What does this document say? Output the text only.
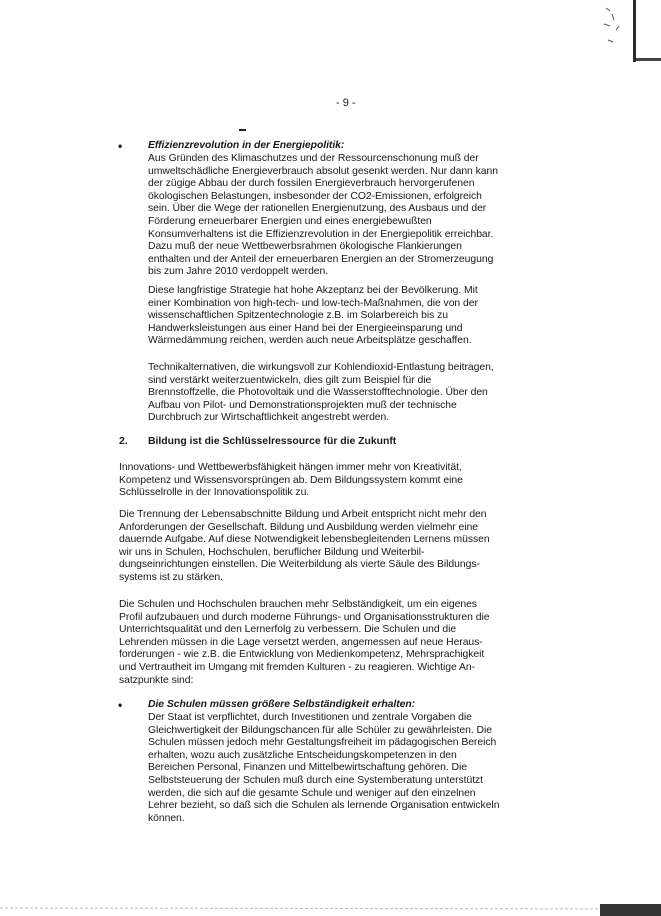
- 9 -
• Effizienzrevolution in der Energiepolitik:
Aus Gründen des Klimaschutzes und der Ressourcenschonung muß der
umweltschädliche Energieverbrauch absolut gesenkt werden. Nur dann kann
der zügige Abbau der durch fossilen Energieverbrauch hervorgerufenen
ökologischen Belastungen, insbesonder der CO2-Emissionen, erfolgreich
sein. Über die Wege der rationellen Energienutzung, des Ausbaus und der
Förderung erneuerbarer Energien und eines energiebewußten
Konsumverhaltens ist die Effizienzrevolution in der Energiepolitik erreichbar.
Dazu muß der neue Wettbewerbsrahmen ökologische Flankierungen
enthalten und der Anteil der erneuerbaren Energien an der Stromerzeugung
bis zum Jahre 2010 verdoppelt werden.
Diese langfristige Strategie hat hohe Akzeptanz bei der Bevölkerung. Mit
einer Kombination von high-tech- und low-tech-Maßnahmen, die von der
wissenschaftlichen Spitzentechnologie z.B. im Solarbereich bis zu
Handwerksleistungen aus einer Hand bei der Energieeinsparung und
Wärmedämmung reichen, werden auch neue Arbeitsplätze geschaffen.
Technikalternativen, die wirkungsvoll zur Kohlendioxid-Entlastung beitragen,
sind verstärkt weiterzuentwickeln, dies gilt zum Beispiel für die
Brennstoffzelle, die Photovoltaik und die Wasserstofftechnologie. Über den
Aufbau von Pilot- und Demonstrationsprojekten muß der technische
Durchbruch zur Wirtschaftlichkeit angestrebt werden.
2. Bildung ist die Schlüsselressource für die Zukunft
Innovations- und Wettbewerbsfähigkeit hängen immer mehr von Kreativität,
Kompetenz und Wissensvorsprüngen ab. Dem Bildungssystem kommt eine
Schlüsselrolle in der Innovationspolitik zu.
Die Trennung der Lebensabschnitte Bildung und Arbeit entspricht nicht mehr den
Anforderungen der Gesellschaft. Bildung und Ausbildung werden vielmehr eine
dauernde Aufgabe. Auf diese Notwendigkeit lebensbegleitenden Lernens müssen
wir uns in Schulen, Hochschulen, beruflicher Bildung und Weiterbil-
dungseinrichtungen einstellen. Die Weiterbildung als vierte Säule des Bildungs-
systems ist zu stärken.
Die Schulen und Hochschulen brauchen mehr Selbständigkeit, um ein eigenes
Profil aufzubauen und durch moderne Führungs- und Organisationsstrukturen die
Unterrichtsqualität und den Lernerfolg zu verbessern. Die Schulen und die
Lehrenden müssen in die Lage versetzt werden, angemessen auf neue Heraus-
forderungen - wie z.B. die Entwicklung von Medienkompetenz, Mehrsprachigkeit
und Vertrautheit im Umgang mit fremden Kulturen - zu reagieren. Wichtige An-
satzpunkte sind:
• Die Schulen müssen größere Selbständigkeit erhalten:
Der Staat ist verpflichtet, durch Investitionen und zentrale Vorgaben die
Gleichwertigkeit der Bildungschancen für alle Schüler zu gewährleisten. Die
Schulen müssen jedoch mehr Gestaltungsfreiheit im pädagogischen Bereich
erhalten, wozu auch zusätzliche Entscheidungskompetenzen in den
Bereichen Personal, Finanzen und Mittelbewirtschaftung gehören. Die
Selbststeuerung der Schulen muß durch eine Systemberatung unterstützt
werden, die sich auf die gesamte Schule und weniger auf den einzelnen
Lehrer bezieht, so daß sich die Schulen als lernende Organisation entwickeln
können.
